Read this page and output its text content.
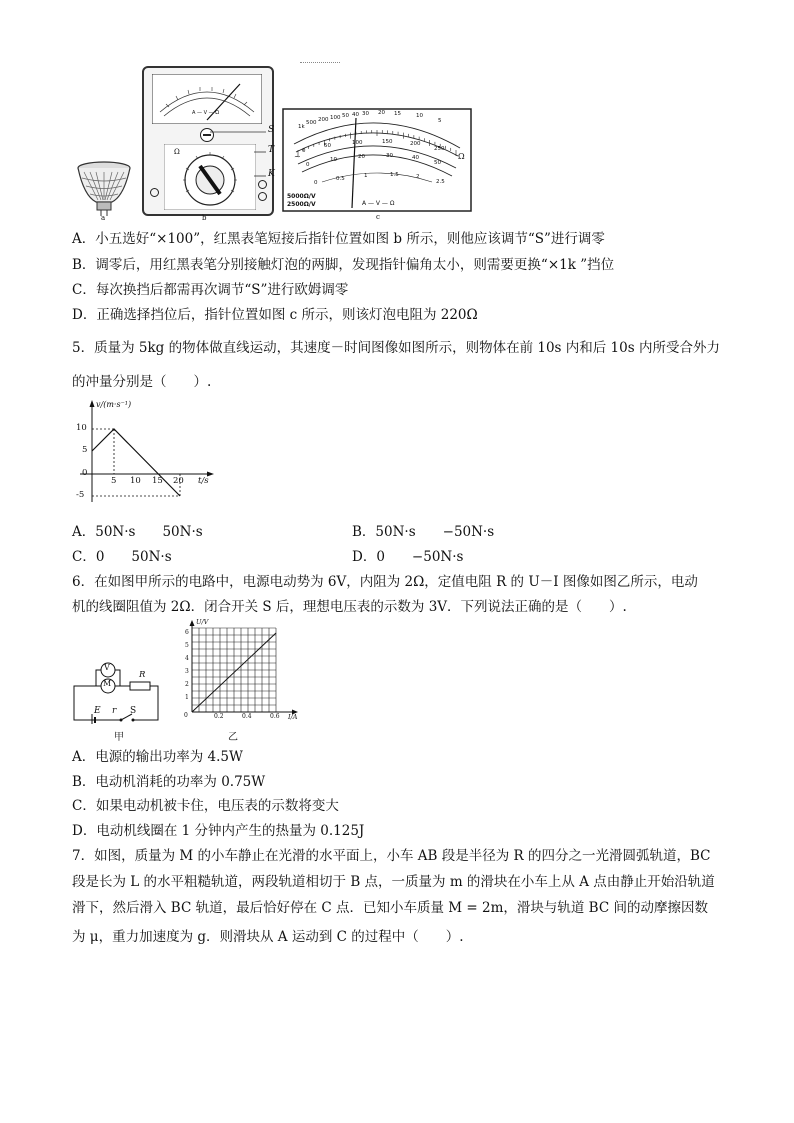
a
A — V — Ω
Ω
S
T
K
b
1k
500 200 100 50 40 30 20 15	10
5
Ω
~
0
50	100	150	200
250
0
10	20	30	40
50
0
0.5	1	1.5	2
2.5
5000Ω/V
2500Ω/V	A — V — Ω
c
A．小五选好“×100”，红黑表笔短接后指针位置如图 b 所示，则他应该调节“S”进行调零
B．调零后，用红黑表笔分别接触灯泡的两脚，发现指针偏角太小，则需要更换“×1k ”挡位
C．每次换挡后都需再次调节“S”进行欧姆调零
D．正确选择挡位后，指针位置如图 c 所示，则该灯泡电阻为 220Ω
5．质量为 5kg 的物体做直线运动，其速度－时间图像如图所示，则物体在前 10s 内和后 10s 内所受合外力
的冲量分别是（　　）.
v/(m·s⁻¹)
t/s
0
10
5
-5
5 10 15 20
A．50N·s　　50N·s	B．50N·s　　−50N·s
C．0　　50N·s	D．0　　−50N·s
6．在如图甲所示的电路中，电源电动势为 6V，内阻为 2Ω，定值电阻 R 的 U－I 图像如图乙所示，电动
机的线圈阻值为 2Ω．闭合开关 S 后，理想电压表的示数为 3V．下列说法正确的是（　　）.
V
M
R
E r S
甲
U/V
I/A
0
1
2
3
4
5
6
0.2	0.4	0.6
乙
A．电源的输出功率为 4.5W
B．电动机消耗的功率为 0.75W
C．如果电动机被卡住，电压表的示数将变大
D．电动机线圈在 1 分钟内产生的热量为 0.125J
7．如图，质量为 M 的小车静止在光滑的水平面上，小车 AB 段是半径为 R 的四分之一光滑圆弧轨道，BC
段是长为 L 的水平粗糙轨道，两段轨道相切于 B 点，一质量为 m 的滑块在小车上从 A 点由静止开始沿轨道
滑下，然后滑入 BC 轨道，最后恰好停在 C 点．已知小车质量 M = 2m，滑块与轨道 BC 间的动摩擦因数
为 μ，重力加速度为 g．则滑块从 A 运动到 C 的过程中（　　）.
